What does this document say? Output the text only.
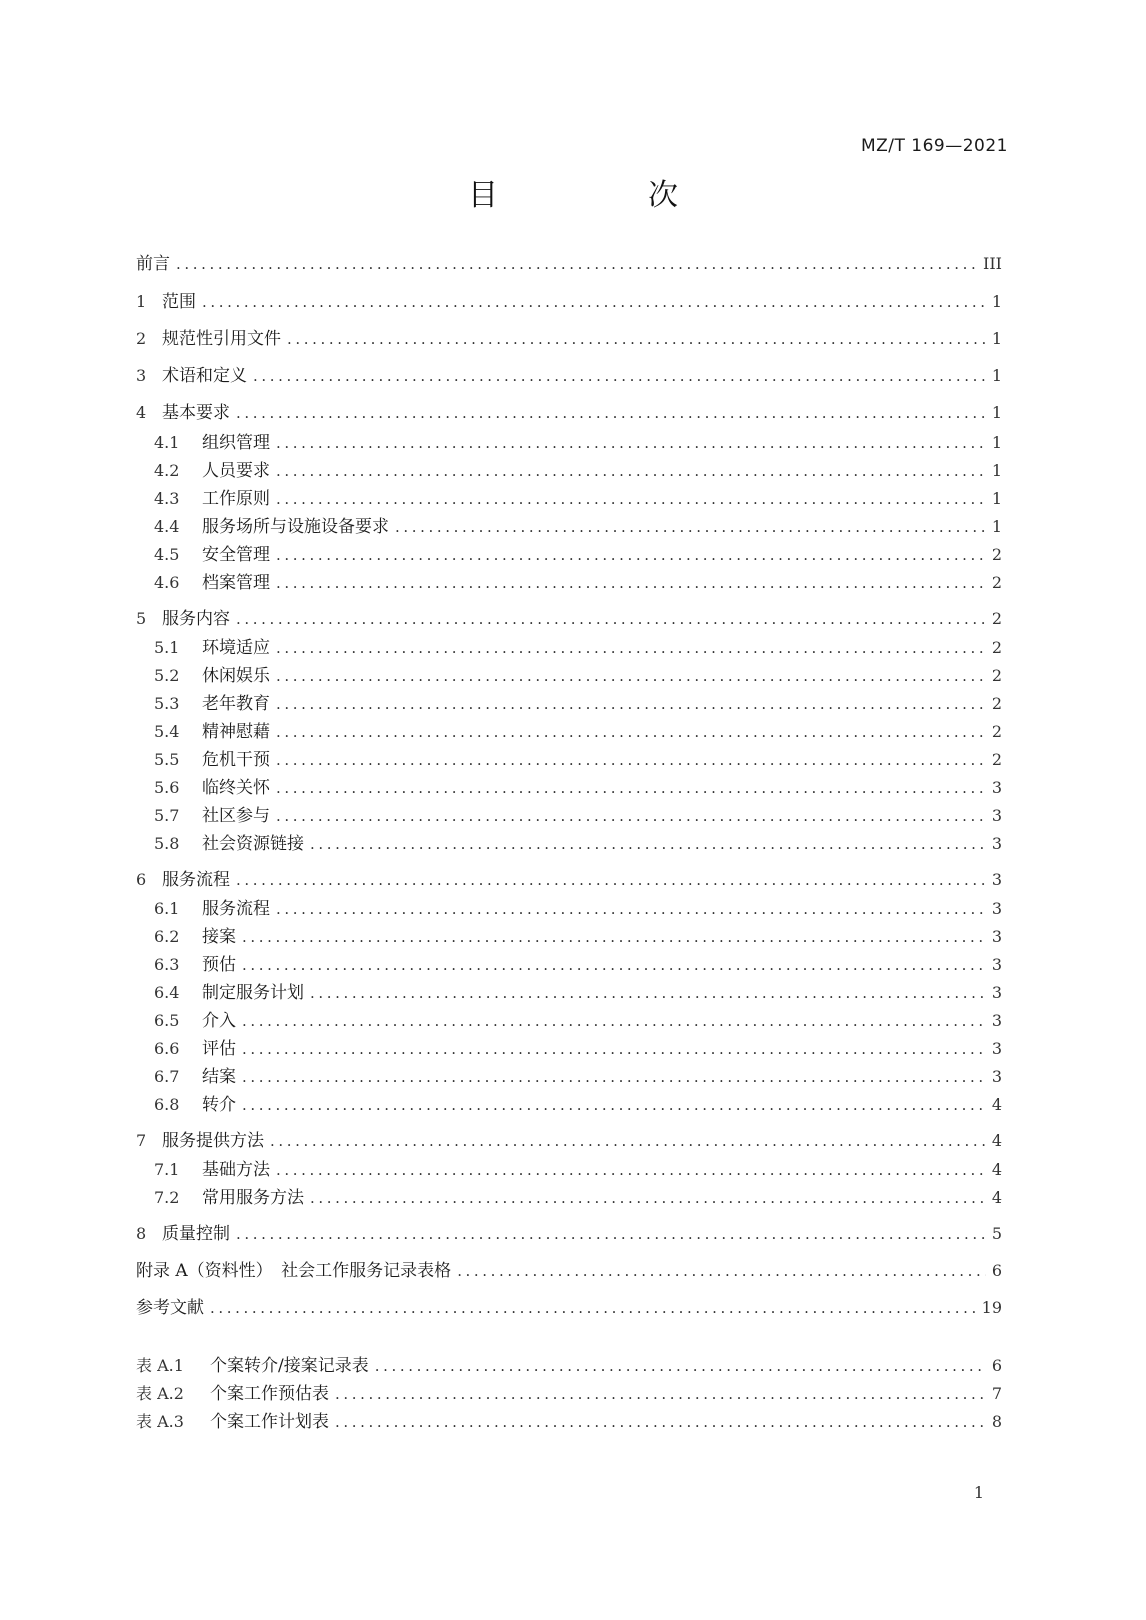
MZ/T 169—2021
目　次
前言 .....	III
1 范围 .....	1
2 规范性引用文件 .....	1
3 术语和定义 .....	1
4 基本要求 .....	1
4.1	组织管理 .....	1
4.2	人员要求 .....	1
4.3	工作原则 .....	1
4.4	服务场所与设施设备要求 .....	1
4.5	安全管理 .....	2
4.6	档案管理 .....	2
5 服务内容 .....	2
5.1	环境适应 .....	2
5.2	休闲娱乐 .....	2
5.3	老年教育 .....	2
5.4	精神慰藉 .....	2
5.5	危机干预 .....	2
5.6	临终关怀 .....	3
5.7	社区参与 .....	3
5.8	社会资源链接 .....	3
6 服务流程 .....	3
6.1	服务流程 .....	3
6.2	接案 .....	3
6.3	预估 .....	3
6.4	制定服务计划 .....	3
6.5	介入 .....	3
6.6	评估 .....	3
6.7	结案 .....	3
6.8	转介 .....	4
7 服务提供方法 .....	4
7.1	基础方法 .....	4
7.2	常用服务方法 .....	4
8 质量控制 .....	5
附录 A（资料性）　社会工作服务记录表格 .....	6
参考文献 .....	19
表 A.1	个案转介/接案记录表 .....	6
表 A.2	个案工作预估表 .....	7
表 A.3	个案工作计划表 .....	8
1
